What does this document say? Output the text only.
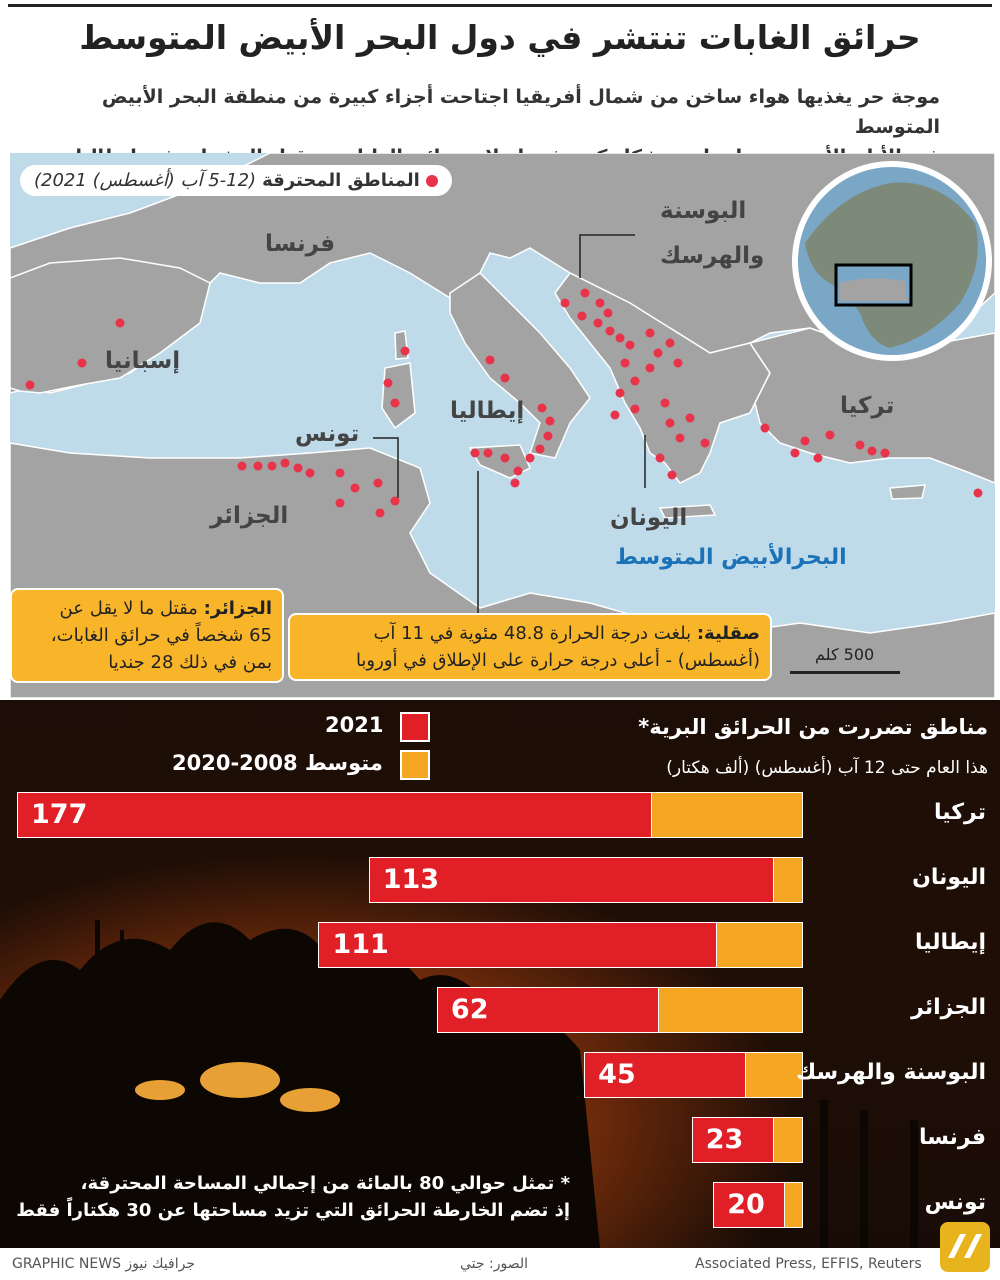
حرائق الغابات تنتشر في دول البحر الأبيض المتوسط
موجة حر يغذيها هواء ساخن من شمال أفريقيا اجتاحت أجزاء كبيرة من منطقة البحر الأبيض المتوسط
المناطق المحترقة
(5-12 آب (أغسطس) 2021)
فرنسا
إسبانيا
إيطاليا
تونس
الجزائر
البوسنة
والهرسك
اليونان
تركيا
البحرالأبيض المتوسط
الجزائر: مقتل ما لا يقل عن
65 شخصاً في حرائق الغابات،
بمن في ذلك 28 جنديا
صقلية: بلغت درجة الحرارة 48.8 مئوية في 11 آب
(أغسطس) - أعلى درجة حرارة على الإطلاق في أوروبا	500 كلم
2021
متوسط 2008-2020
مناطق تضررت من الحرائق البرية*
هذا العام حتى 12 آب (أغسطس) (ألف هكتار)
177	تركيا
113	اليونان
111	إيطاليا
62	الجزائر
45	البوسنة والهرسك
23	فرنسا
20	تونس
* تمثل حوالي 80 بالمائة من إجمالي المساحة المحترقة،
إذ تضم الخارطة الحرائق التي تزيد مساحتها عن 30 هكتاراً فقط
GRAPHIC NEWS جرافيك نيوز	الصور: جتي	Associated Press, EFFIS, Reuters
